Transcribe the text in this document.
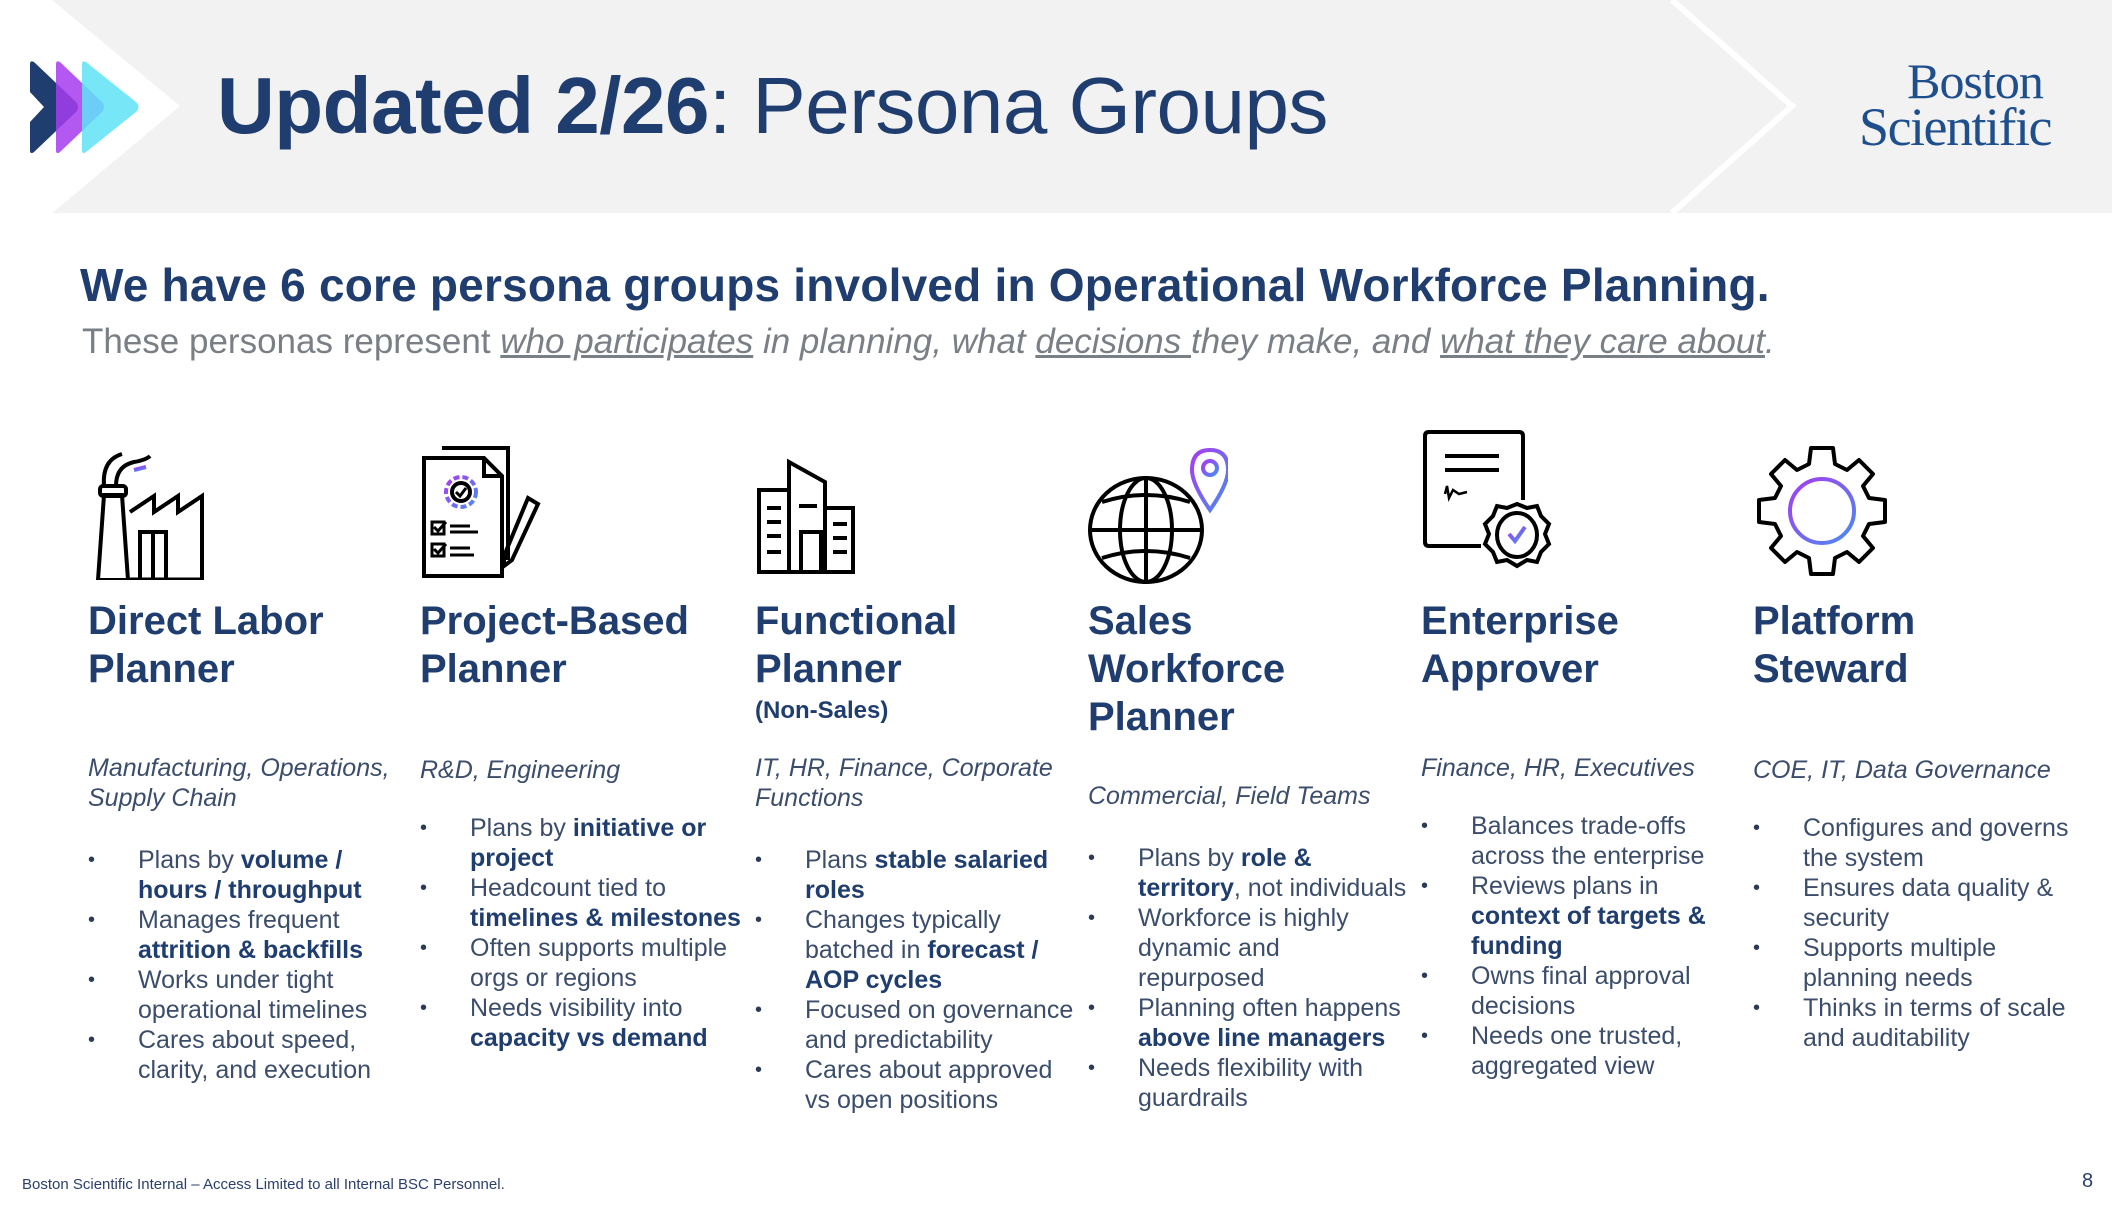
Updated 2/26: Persona Groups	Boston
Scientific
We have 6 core persona groups involved in Operational Workforce Planning.
These personas represent who participates in planning, what decisions they make, and what they care about.
Direct Labor
Planner
Manufacturing, Operations, Supply Chain
• Plans by volume / hours / throughput
• Manages frequent attrition & backfills
• Works under tight operational timelines
• Cares about speed, clarity, and execution
Project-Based
Planner
R&D, Engineering
• Plans by initiative or project
• Headcount tied to timelines & milestones
• Often supports multiple orgs or regions
• Needs visibility into capacity vs demand
Functional
Planner
(Non-Sales)
IT, HR, Finance, Corporate Functions
• Plans stable salaried roles
• Changes typically batched in forecast / AOP cycles
• Focused on governance and predictability
• Cares about approved vs open positions
Sales
Workforce
Planner
Commercial, Field Teams
• Plans by role & territory, not individuals
• Workforce is highly dynamic and repurposed
• Planning often happens above line managers
• Needs flexibility with guardrails
Enterprise
Approver
Finance, HR, Executives
• Balances trade-offs across the enterprise
• Reviews plans in context of targets & funding
• Owns final approval decisions
• Needs one trusted, aggregated view
Platform
Steward
COE, IT, Data Governance
• Configures and governs the system
• Ensures data quality & security
• Supports multiple planning needs
• Thinks in terms of scale and auditability
Boston Scientific Internal – Access Limited to all Internal BSC Personnel.	8
